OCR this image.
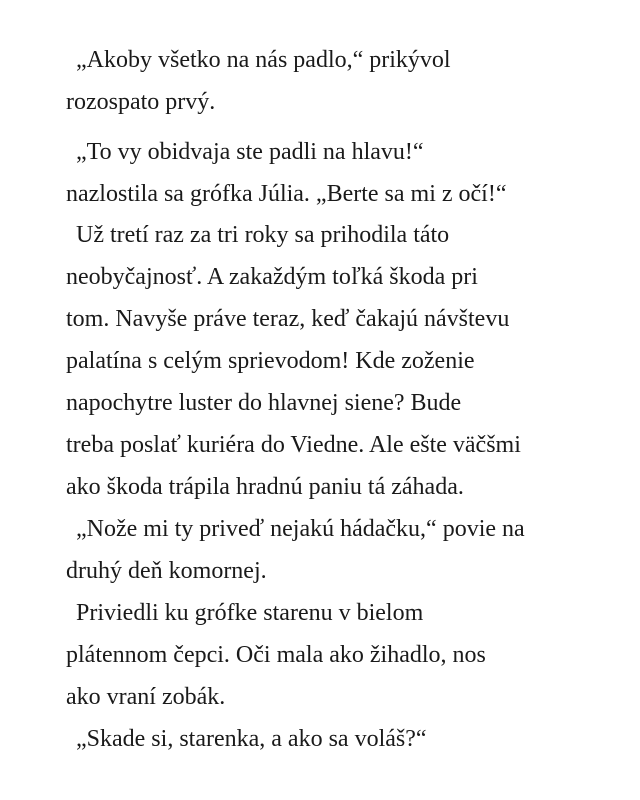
„Akoby všetko na nás padlo,“ prikývol
rozospato prvý.
„To vy obidvaja ste padli na hlavu!“
nazlostila sa grófka Júlia. „Berte sa mi z očí!“
Už tretí raz za tri roky sa prihodila táto
neobyčajnosť. A zakaždým toľká škoda pri
tom. Navyše práve teraz, keď čakajú návštevu
palatína s celým sprievodom! Kde zoženie
napochytre luster do hlavnej siene? Bude
treba poslať kuriéra do Viedne. Ale ešte väčšmi
ako škoda trápila hradnú paniu tá záhada.
„Nože mi ty priveď nejakú hádačku,“ povie na
druhý deň komornej.
Priviedli ku grófke starenu v bielom
plátennom čepci. Oči mala ako žihadlo, nos
ako vraní zobák.
„Skade si, starenka, a ako sa voláš?“
